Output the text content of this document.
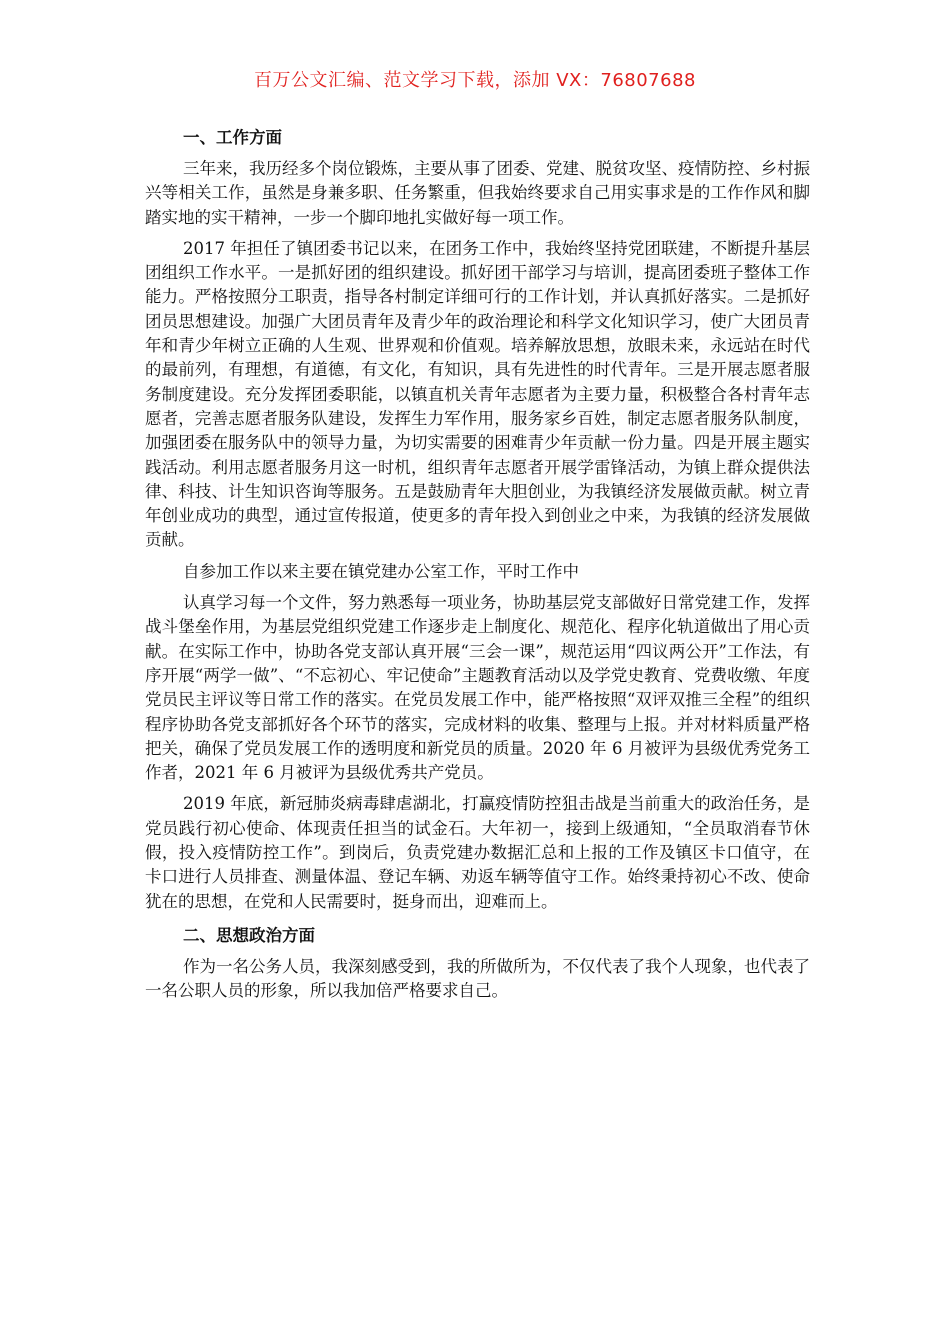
百万公文汇编、范文学习下载，添加 VX：76807688
一、工作方面

三年来，我历经多个岗位锻炼，主要从事了团委、党建、脱贫攻坚、疫情防控、乡村振兴等相关工作，虽然是身兼多职、任务繁重，但我始终要求自己用实事求是的工作作风和脚踏实地的实干精神，一步一个脚印地扎实做好每一项工作。

2017 年担任了镇团委书记以来，在团务工作中，我始终坚持党团联建，不断提升基层团组织工作水平。一是抓好团的组织建设。抓好团干部学习与培训，提高团委班子整体工作能力。严格按照分工职责，指导各村制定详细可行的工作计划，并认真抓好落实。二是抓好团员思想建设。加强广大团员青年及青少年的政治理论和科学文化知识学习，使广大团员青年和青少年树立正确的人生观、世界观和价值观。培养解放思想，放眼未来，永远站在时代的最前列，有理想，有道德，有文化，有知识，具有先进性的时代青年。三是开展志愿者服务制度建设。充分发挥团委职能，以镇直机关青年志愿者为主要力量，积极整合各村青年志愿者，完善志愿者服务队建设，发挥生力军作用，服务家乡百姓，制定志愿者服务队制度，加强团委在服务队中的领导力量，为切实需要的困难青少年贡献一份力量。四是开展主题实践活动。利用志愿者服务月这一时机，组织青年志愿者开展学雷锋活动，为镇上群众提供法律、科技、计生知识咨询等服务。五是鼓励青年大胆创业，为我镇经济发展做贡献。树立青年创业成功的典型，通过宣传报道，使更多的青年投入到创业之中来，为我镇的经济发展做贡献。

自参加工作以来主要在镇党建办公室工作，平时工作中

认真学习每一个文件，努力熟悉每一项业务，协助基层党支部做好日常党建工作，发挥战斗堡垒作用，为基层党组织党建工作逐步走上制度化、规范化、程序化轨道做出了用心贡献。在实际工作中，协助各党支部认真开展“三会一课”，规范运用“四议两公开”工作法，有序开展“两学一做”、“不忘初心、牢记使命”主题教育活动以及学党史教育、党费收缴、年度党员民主评议等日常工作的落实。在党员发展工作中，能严格按照“双评双推三全程”的组织程序协助各党支部抓好各个环节的落实，完成材料的收集、整理与上报。并对材料质量严格把关，确保了党员发展工作的透明度和新党员的质量。2020 年 6 月被评为县级优秀党务工作者，2021 年 6 月被评为县级优秀共产党员。

2019 年底，新冠肺炎病毒肆虐湖北，打赢疫情防控狙击战是当前重大的政治任务，是党员践行初心使命、体现责任担当的试金石。大年初一，接到上级通知，“全员取消春节休假，投入疫情防控工作”。到岗后，负责党建办数据汇总和上报的工作及镇区卡口值守，在卡口进行人员排查、测量体温、登记车辆、劝返车辆等值守工作。始终秉持初心不改、使命犹在的思想，在党和人民需要时，挺身而出，迎难而上。

二、思想政治方面

作为一名公务人员，我深刻感受到，我的所做所为，不仅代表了我个人现象，也代表了一名公职人员的形象，所以我加倍严格要求自己。
